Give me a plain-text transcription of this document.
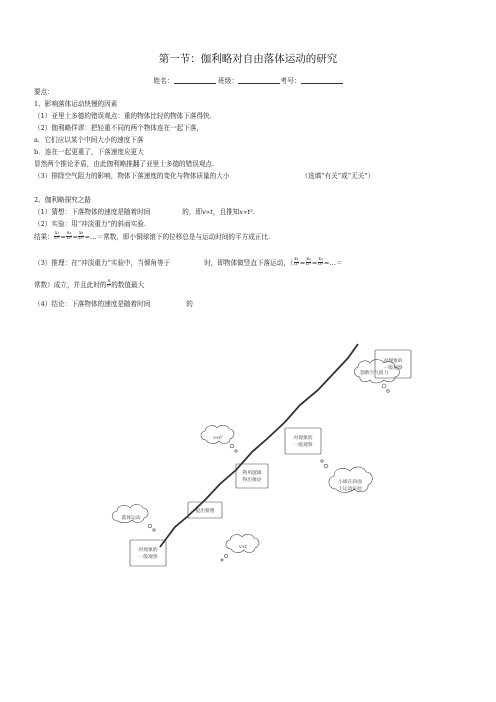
第一节：伽利略对自由落体运动的研究
姓名：	班级：	考号：
要点：
1、影响落体运动快慢的因素
（1）亚里士多德的错误观点：重的物体比轻的物体下落得快.
（2）伽利略佯谬：把轻重不同的两个物体连在一起下落，
a．它们应以某个中间大小的速度下落
b．连在一起更重了，下落速度应更大
显然两个推论矛盾，由此伽利略推翻了亚里士多德的错误观点.
（3）排除空气阻力的影响，物体下落速度的变化与物体质量的大小	（选填“有关”或“无关”）
2、伽利略探究之路
（1）猜想：下落物体的速度是随着时间	的，即v∝t，且推知x∝t².
（2）实验：用“冲淡重力”的斜面实验.
结果： $\frac{\text{x₁}}{\text{t₁²}} = \frac{\text{x₂}}{\text{t₂²}} = \frac{\text{x₃}}{\text{t₃²}}$ =…＝常数，即小铜球滚下的位移总是与运动时间的平方成正比.
（3）推理：在“冲淡重力”实验中，当倾角等于	时，即物体做竖直下落运动，（ $\frac{\text{x₁}}{\text{t₁²}} = \frac{\text{x₂}}{\text{t₂²}} = \frac{\text{x₃}}{\text{t₃²}}$ =…＝
常数）成立，并且此时的 $\frac{x}{\text{t²}}$ 的数值最大
（4）结论：下落物体的速度是随着时间	的
忽略空气阻力
v∝t²
落体运动
v∝t
小球在斜面
上运动实验
对现象的
一般观察
提出猜想
利用逻辑
得出推论
对现象的
一般观察
对现象的
一般观察
